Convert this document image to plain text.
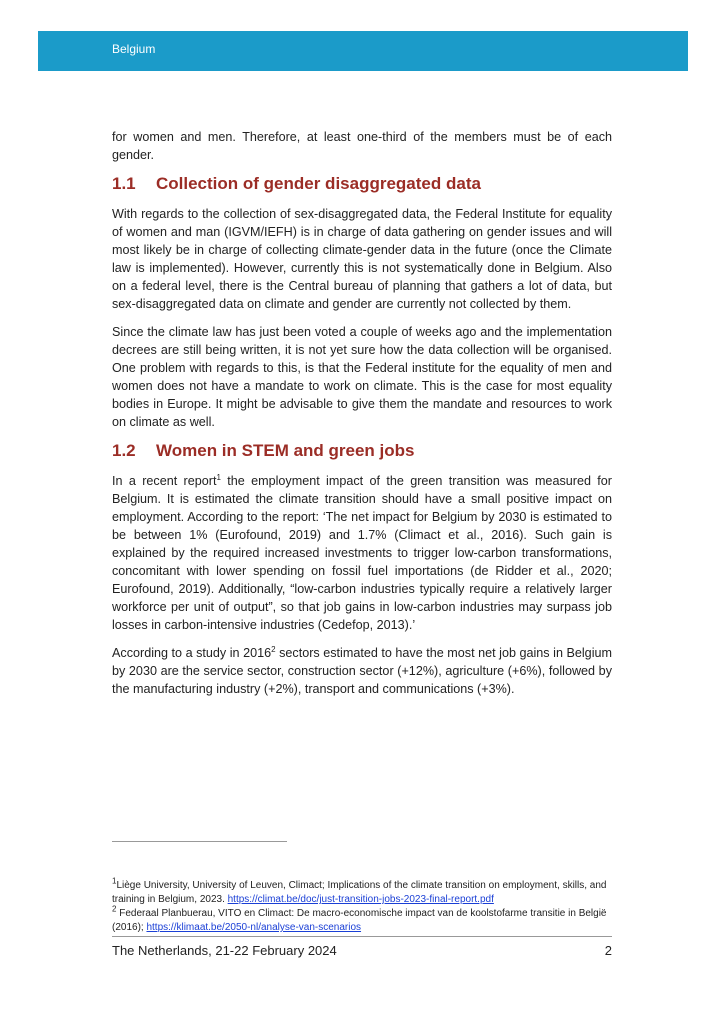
Belgium

for women and men. Therefore, at least one-third of the members must be of each gender.

1.1 Collection of gender disaggregated data

With regards to the collection of sex-disaggregated data, the Federal Institute for equality of women and man (IGVM/IEFH) is in charge of data gathering on gender issues and will most likely be in charge of collecting climate-gender data in the future (once the Climate law is implemented). However, currently this is not systematically done in Belgium. Also on a federal level, there is the Central bureau of planning that gathers a lot of data, but sex-disaggregated data on climate and gender are currently not collected by them.

Since the climate law has just been voted a couple of weeks ago and the implementation decrees are still being written, it is not yet sure how the data collection will be organised. One problem with regards to this, is that the Federal institute for the equality of men and women does not have a mandate to work on climate. This is the case for most equality bodies in Europe. It might be advisable to give them the mandate and resources to work on climate as well.

1.2 Women in STEM and green jobs

In a recent report$^1$ the employment impact of the green transition was measured for Belgium. It is estimated the climate transition should have a small positive impact on employment. According to the report: ‘The net impact for Belgium by 2030 is estimated to be between 1% (Eurofound, 2019) and 1.7% (Climact et al., 2016). Such gain is explained by the required increased investments to trigger low-carbon transformations, concomitant with lower spending on fossil fuel importations (de Ridder et al., 2020; Eurofound, 2019). Additionally, “low-carbon industries typically require a relatively larger workforce per unit of output”, so that job gains in low-carbon industries may surpass job losses in carbon-intensive industries (Cedefop, 2013).’

According to a study in 2016$^2$ sectors estimated to have the most net job gains in Belgium by 2030 are the service sector, construction sector (+12%), agriculture (+6%), followed by the manufacturing industry (+2%), transport and communications (+3%).

$^1$Liège University, University of Leuven, Climact; Implications of the climate transition on employment, skills, and training in Belgium, 2023. https://climat.be/doc/just-transition-jobs-2023-final-report.pdf

$^2$ Federaal Planbuerau, VITO en Climact: De macro-economische impact van de koolstofarme transitie in België (2016); https://klimaat.be/2050-nl/analyse-van-scenarios

The Netherlands, 21-22 February 2024	2
